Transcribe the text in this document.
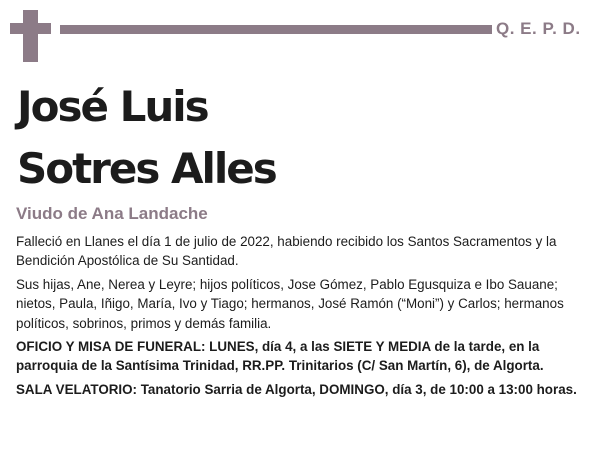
Q. E. P. D.
José Luis
Sotres Alles
Viudo de Ana Landache

Falleció en Llanes el día 1 de julio de 2022, habiendo recibido los Santos Sacramentos y la Bendición Apostólica de Su Santidad.

Sus hijas, Ane, Nerea y Leyre; hijos políticos, Jose Gómez, Pablo Egusquiza e Ibo Sauane; nietos, Paula, Iñigo, María, Ivo y Tiago; hermanos, José Ramón (“Moni”) y Carlos; hermanos políticos, sobrinos, primos y demás familia.

OFICIO Y MISA DE FUNERAL: LUNES, día 4, a las SIETE Y MEDIA de la tarde, en la parroquia de la Santísima Trinidad, RR.PP. Trinitarios (C/ San Martín, 6), de Algorta.

SALA VELATORIO: Tanatorio Sarria de Algorta, DOMINGO, día 3, de 10:00 a 13:00 horas.
